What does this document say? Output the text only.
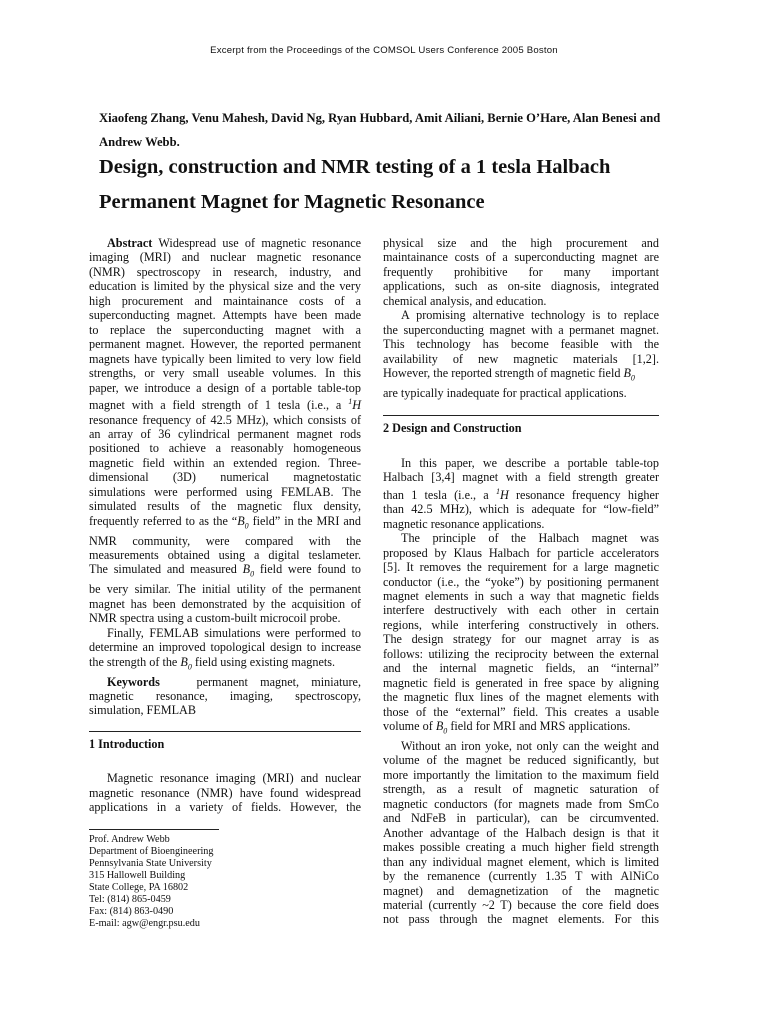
Excerpt from the Proceedings of the COMSOL Users Conference 2005 Boston
Xiaofeng Zhang, Venu Mahesh, David Ng, Ryan Hubbard, Amit Ailiani, Bernie O’Hare, Alan Benesi and
Andrew Webb.
Design, construction and NMR testing of a 1 tesla Halbach
Permanent Magnet for Magnetic Resonance
Abstract Widespread use of magnetic resonance
imaging (MRI) and nuclear magnetic resonance
(NMR) spectroscopy in research, industry, and
education is limited by the physical size and the very
high procurement and maintainance costs of a
superconducting magnet. Attempts have been made
to replace the superconducting magnet with a
permanent magnet. However, the reported permanent
magnets have typically been limited to very low field
strengths, or very small useable volumes. In this
paper, we introduce a design of a portable table-top
magnet with a field strength of 1 tesla (i.e., a $^1$H
resonance frequency of 42.5 MHz), which consists of
an array of 36 cylindrical permanent magnet rods
positioned to achieve a reasonably homogeneous
magnetic field within an extended region. Three-
dimensional (3D) numerical magnetostatic
simulations were performed using FEMLAB. The
simulated results of the magnetic flux density,
frequently referred to as the “$B_0$ field” in the MRI and
NMR community, were compared with the
measurements obtained using a digital teslameter.
The simulated and measured $B_0$ field were found to
be very similar. The initial utility of the permanent
magnet has been demonstrated by the acquisition of
NMR spectra using a custom-built microcoil probe.
Finally, FEMLAB simulations were performed to
determine an improved topological design to increase
the strength of the $B_0$ field using existing magnets.
Keywords	permanent magnet, miniature,
magnetic resonance, imaging, spectroscopy,
simulation, FEMLAB
1 Introduction
Magnetic resonance imaging (MRI) and nuclear
magnetic resonance (NMR) have found widespread
applications in a variety of fields. However, the
Prof. Andrew Webb
Department of Bioengineering
Pennsylvania State University
315 Hallowell Building
State College, PA 16802
Tel: (814) 865-0459
Fax: (814) 863-0490
E-mail: agw@engr.psu.edu
physical size and the high procurement and
maintainance costs of a superconducting magnet are
frequently prohibitive for many important
applications, such as on-site diagnosis, integrated
chemical analysis, and education.
A promising alternative technology is to replace
the superconducting magnet with a permanet magnet.
This technology has become feasible with the
availability of new magnetic materials [1,2].
However, the reported strength of magnetic field $B_0$
are typically inadequate for practical applications.
2 Design and Construction
In this paper, we describe a portable table-top
Halbach [3,4] magnet with a field strength greater
than 1 tesla (i.e., a $^1$H resonance frequency higher
than 42.5 MHz), which is adequate for “low-field”
magnetic resonance applications.
The principle of the Halbach magnet was
proposed by Klaus Halbach for particle accelerators
[5]. It removes the requirement for a large magnetic
conductor (i.e., the “yoke”) by positioning permanent
magnet elements in such a way that magnetic fields
interfere destructively with each other in certain
regions, while interfering constructively in others.
The design strategy for our magnet array is as
follows: utilizing the reciprocity between the external
and the internal magnetic fields, an “internal”
magnetic field is generated in free space by aligning
the magnetic flux lines of the magnet elements with
those of the “external” field. This creates a usable
volume of $B_0$ field for MRI and MRS applications.
Without an iron yoke, not only can the weight and
volume of the magnet be reduced significantly, but
more importantly the limitation to the maximum field
strength, as a result of magnetic saturation of
magnetic conductors (for magnets made from SmCo
and NdFeB in particular), can be circumvented.
Another advantage of the Halbach design is that it
makes possible creating a much higher field strength
than any individual magnet element, which is limited
by the remanence (currently 1.35 T with AlNiCo
magnet) and demagnetization of the magnetic
material (currently ~2 T) because the core field does
not pass through the magnet elements. For this
